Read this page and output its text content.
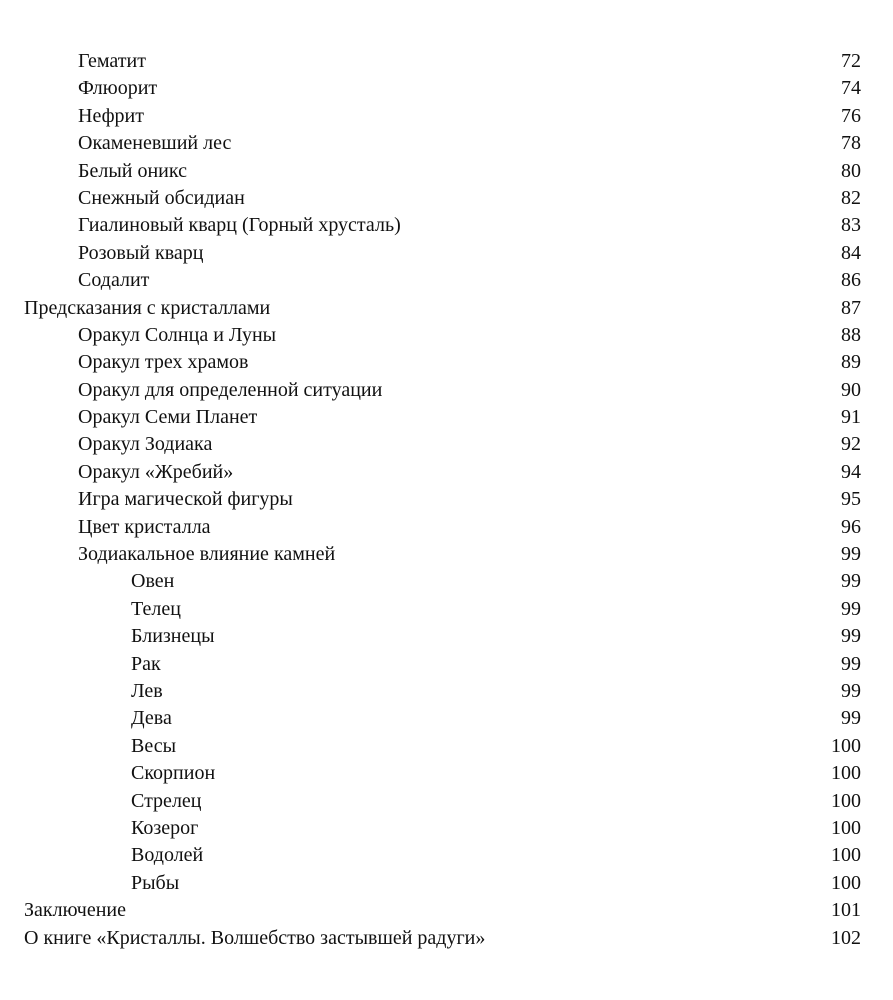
Гематит	72
Флюорит	74
Нефрит	76
Окаменевший лес	78
Белый оникс	80
Снежный обсидиан	82
Гиалиновый кварц (Горный хрусталь)	83
Розовый кварц	84
Содалит	86
Предсказания с кристаллами	87
Оракул Солнца и Луны	88
Оракул трех храмов	89
Оракул для определенной ситуации	90
Оракул Семи Планет	91
Оракул Зодиака	92
Оракул «Жребий»	94
Игра магической фигуры	95
Цвет кристалла	96
Зодиакальное влияние камней	99
Овен	99
Телец	99
Близнецы	99
Рак	99
Лев	99
Дева	99
Весы	100
Скорпион	100
Стрелец	100
Козерог	100
Водолей	100
Рыбы	100
Заключение	101
О книге «Кристаллы. Волшебство застывшей радуги»	102
